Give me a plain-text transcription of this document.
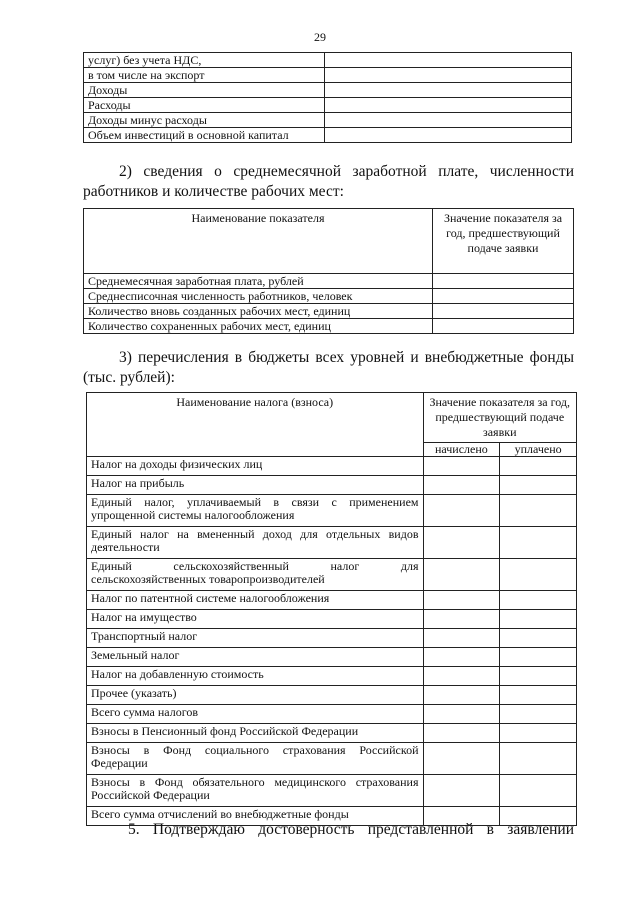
29
услуг) без учета НДС,	
в том числе на экспорт	
Доходы	
Расходы	
Доходы минус расходы	
Объем инвестиций в основной капитал	

2) сведения о среднемесячной заработной плате, численности работников и количестве рабочих мест:

Наименование показателя	Значение показателя за год, предшествующий подаче заявки
Среднемесячная заработная плата, рублей	
Среднесписочная численность работников, человек	
Количество вновь созданных рабочих мест, единиц	
Количество сохраненных рабочих мест, единиц	

3) перечисления в бюджеты всех уровней и внебюджетные фонды (тыс. рублей):

Наименование налога (взноса)	Значение показателя за год, предшествующий подаче заявки	
	начислено	уплачено
Налог на доходы физических лиц		
Налог на прибыль		
Единый налог, уплачиваемый в связи с применением упрощенной системы налогообложения		
Единый налог на вмененный доход для отдельных видов деятельности		
Единый сельскохозяйственный налог для сельскохозяйственных товаропроизводителей		
Налог по патентной системе налогообложения		
Налог на имущество		
Транспортный налог		
Земельный налог		
Налог на добавленную стоимость		
Прочее (указать)		
Всего сумма налогов		
Взносы в Пенсионный фонд Российской Федерации		
Взносы в Фонд социального страхования Российской Федерации		
Взносы в Фонд обязательного медицинского страхования Российской Федерации		
Всего сумма отчислений во внебюджетные фонды		

5. Подтверждаю достоверность представленной в заявлении
